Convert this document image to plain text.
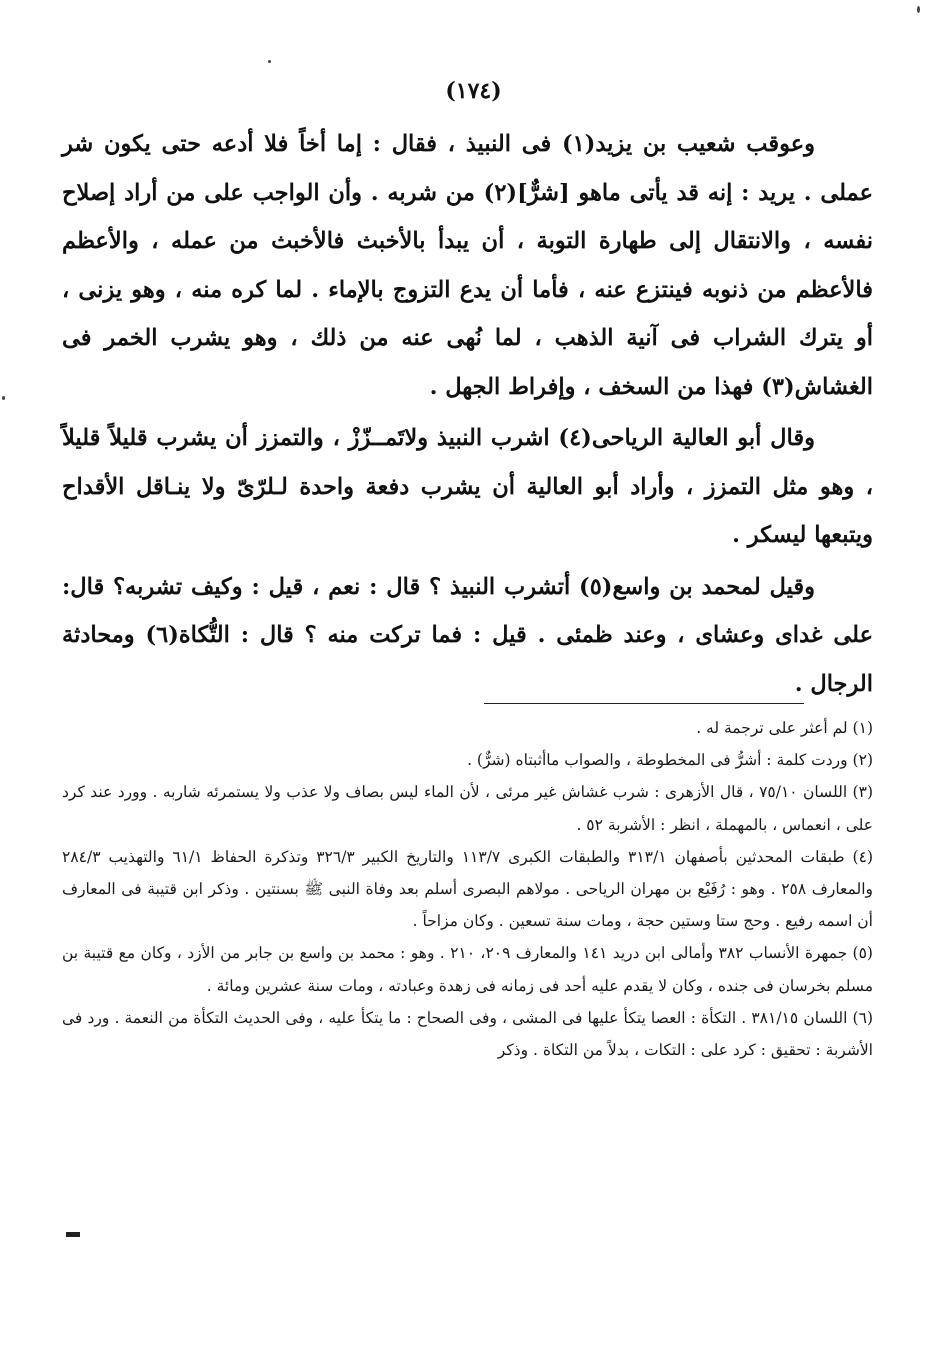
(١٧٤)

وعوقب شعيب بن يزيد(١) فى النبيذ ، فقال : إما أخاً فلا أدعه حتى يكون شر عملى . يريد : إنه قد يأتى ماهو [شرٌّ](٢) من شربه . وأن الواجب على من أراد إصلاح نفسه ، والانتقال إلى طهارة التوبة ، أن يبدأ بالأخبث فالأخبث من عمله ، والأعظم فالأعظم من ذنوبه فينتزع عنه ، فأما أن يدع التزوج بالإماء . لما كره منه ، وهو يزنى ، أو يترك الشراب فى آنية الذهب ، لما نُهى عنه من ذلك ، وهو يشرب الخمر فى الغشاش(٣) فهذا من السخف ، وإفراط الجهل .

وقال أبو العالية الرياحى(٤) اشرب النبيذ ولاتَمــزّزْ ، والتمزز أن يشرب قليلاً قليلاً ، وهو مثل التمزز ، وأراد أبو العالية أن يشرب دفعة واحدة لـلرّىّ ولا ينـاقل الأقداح ويتبعها ليسكر .

وقيل لمحمد بن واسع(٥) أتشرب النبيذ ؟ قال : نعم ، قيل : وكيف تشربه؟ قال: على غداى وعشاى ، وعند ظمئى . قيل : فما تركت منه ؟ قال : التُّكاة(٦) ومحادثة الرجال .

(١) لم أعثر على ترجمة له .

(٢) وردت كلمة : أشرُّ فى المخطوطة ، والصواب ماأثبتاه (شرٌّ) .

(٣) اللسان ٧٥/١٠ ، قال الأزهرى : شرب غشاش غير مرئى ، لأن الماء ليس بصاف ولا عذب ولا يستمرئه شاربه . وورد عند كرد على ، انعماس ، بالمهملة ، انظر : الأشربة ٥٢ .

(٤) طبقات المحدثين بأصفهان ٣١٣/١ والطبقات الكبرى ١١٣/٧ والتاريخ الكبير ٣٢٦/٣ وتذكرة الحفاظ ٦١/١ والتهذيب ٢٨٤/٣ والمعارف ٢٥٨ . وهو : رُفَيْع بن مهران الرياحى . مولاهم البصرى أسلم بعد وفاة النبى ﷺ بسنتين . وذكر ابن قتيبة فى المعارف أن اسمه رفيع . وحج ستا وستين حجة ، ومات سنة تسعين . وكان مزاحاً .

(٥) جمهرة الأنساب ٣٨٢ وأمالى ابن دريد ١٤١ والمعارف ٢٠٩، ٢١٠ . وهو : محمد بن واسع بن جابر من الأزد ، وكان مع قتيبة بن مسلم بخرسان فى جنده ، وكان لا يقدم عليه أحد فى زمانه فى زهدة وعبادته ، ومات سنة عشرين ومائة .

(٦) اللسان ٣٨١/١٥ . التكأة : العصا يتكأ عليها فى المشى ، وفى الصحاح : ما يتكأ عليه ، وفى الحديث التكأة من النعمة . ورد فى الأشربة : تحقيق : كرد على : التكات ، بدلاً من التكاة . وذكر
